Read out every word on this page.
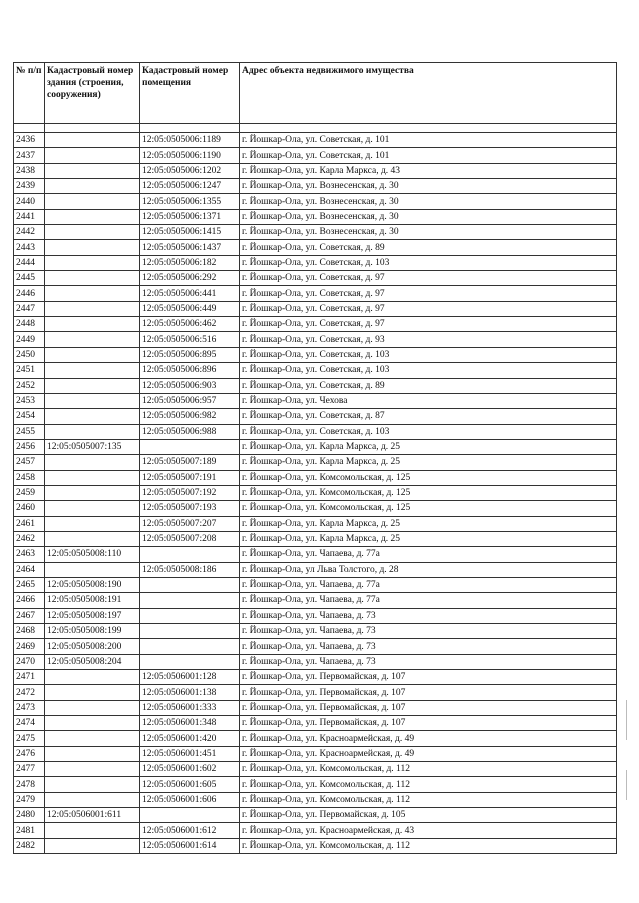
№ п/п	Кадастровый номер здания (строения, сооружения)	Кадастровый номер помещения	Адрес объекта недвижимого имущества

2436		12:05:0505006:1189	г. Йошкар-Ола, ул. Советская, д. 101
2437		12:05:0505006:1190	г. Йошкар-Ола, ул. Советская, д. 101
2438		12:05:0505006:1202	г. Йошкар-Ола, ул. Карла Маркса, д. 43
2439		12:05:0505006:1247	г. Йошкар-Ола, ул. Вознесенская, д. 30
2440		12:05:0505006:1355	г. Йошкар-Ола, ул. Вознесенская, д. 30
2441		12:05:0505006:1371	г. Йошкар-Ола, ул. Вознесенская, д. 30
2442		12:05:0505006:1415	г. Йошкар-Ола, ул. Вознесенская, д. 30
2443		12:05:0505006:1437	г. Йошкар-Ола, ул. Советская, д. 89
2444		12:05:0505006:182	г. Йошкар-Ола, ул. Советская, д. 103
2445		12:05:0505006:292	г. Йошкар-Ола, ул. Советская, д. 97
2446		12:05:0505006:441	г. Йошкар-Ола, ул. Советская, д. 97
2447		12:05:0505006:449	г. Йошкар-Ола, ул. Советская, д. 97
2448		12:05:0505006:462	г. Йошкар-Ола, ул. Советская, д. 97
2449		12:05:0505006:516	г. Йошкар-Ола, ул. Советская, д. 93
2450		12:05:0505006:895	г. Йошкар-Ола, ул. Советская, д. 103
2451		12:05:0505006:896	г. Йошкар-Ола, ул. Советская, д. 103
2452		12:05:0505006:903	г. Йошкар-Ола, ул. Советская, д. 89
2453		12:05:0505006:957	г. Йошкар-Ола, ул. Чехова
2454		12:05:0505006:982	г. Йошкар-Ола, ул. Советская, д. 87
2455		12:05:0505006:988	г. Йошкар-Ола, ул. Советская, д. 103
2456	12:05:0505007:135		г. Йошкар-Ола, ул. Карла Маркса, д. 25
2457		12:05:0505007:189	г. Йошкар-Ола, ул. Карла Маркса, д. 25
2458		12:05:0505007:191	г. Йошкар-Ола, ул. Комсомольская, д. 125
2459		12:05:0505007:192	г. Йошкар-Ола, ул. Комсомольская, д. 125
2460		12:05:0505007:193	г. Йошкар-Ола, ул. Комсомольская, д. 125
2461		12:05:0505007:207	г. Йошкар-Ола, ул. Карла Маркса, д. 25
2462		12:05:0505007:208	г. Йошкар-Ола, ул. Карла Маркса, д. 25
2463	12:05:0505008:110		г. Йошкар-Ола, ул. Чапаева, д. 77а
2464		12:05:0505008:186	г. Йошкар-Ола, ул Льва Толстого, д. 28
2465	12:05:0505008:190		г. Йошкар-Ола, ул. Чапаева, д. 77а
2466	12:05:0505008:191		г. Йошкар-Ола, ул. Чапаева, д. 77а
2467	12:05:0505008:197		г. Йошкар-Ола, ул. Чапаева, д. 73
2468	12:05:0505008:199		г. Йошкар-Ола, ул. Чапаева, д. 73
2469	12:05:0505008:200		г. Йошкар-Ола, ул. Чапаева, д. 73
2470	12:05:0505008:204		г. Йошкар-Ола, ул. Чапаева, д. 73
2471		12:05:0506001:128	г. Йошкар-Ола, ул. Первомайская, д. 107
2472		12:05:0506001:138	г. Йошкар-Ола, ул. Первомайская, д. 107
2473		12:05:0506001:333	г. Йошкар-Ола, ул. Первомайская, д. 107
2474		12:05:0506001:348	г. Йошкар-Ола, ул. Первомайская, д. 107
2475		12:05:0506001:420	г. Йошкар-Ола, ул. Красноармейская, д. 49
2476		12:05:0506001:451	г. Йошкар-Ола, ул. Красноармейская, д. 49
2477		12:05:0506001:602	г. Йошкар-Ола, ул. Комсомольская, д. 112
2478		12:05:0506001:605	г. Йошкар-Ола, ул. Комсомольская, д. 112
2479		12:05:0506001:606	г. Йошкар-Ола, ул. Комсомольская, д. 112
2480	12:05:0506001:611		г. Йошкар-Ола, ул. Первомайская, д. 105
2481		12:05:0506001:612	г. Йошкар-Ола, ул. Красноармейская, д. 43
2482		12:05:0506001:614	г. Йошкар-Ола, ул. Комсомольская, д. 112
